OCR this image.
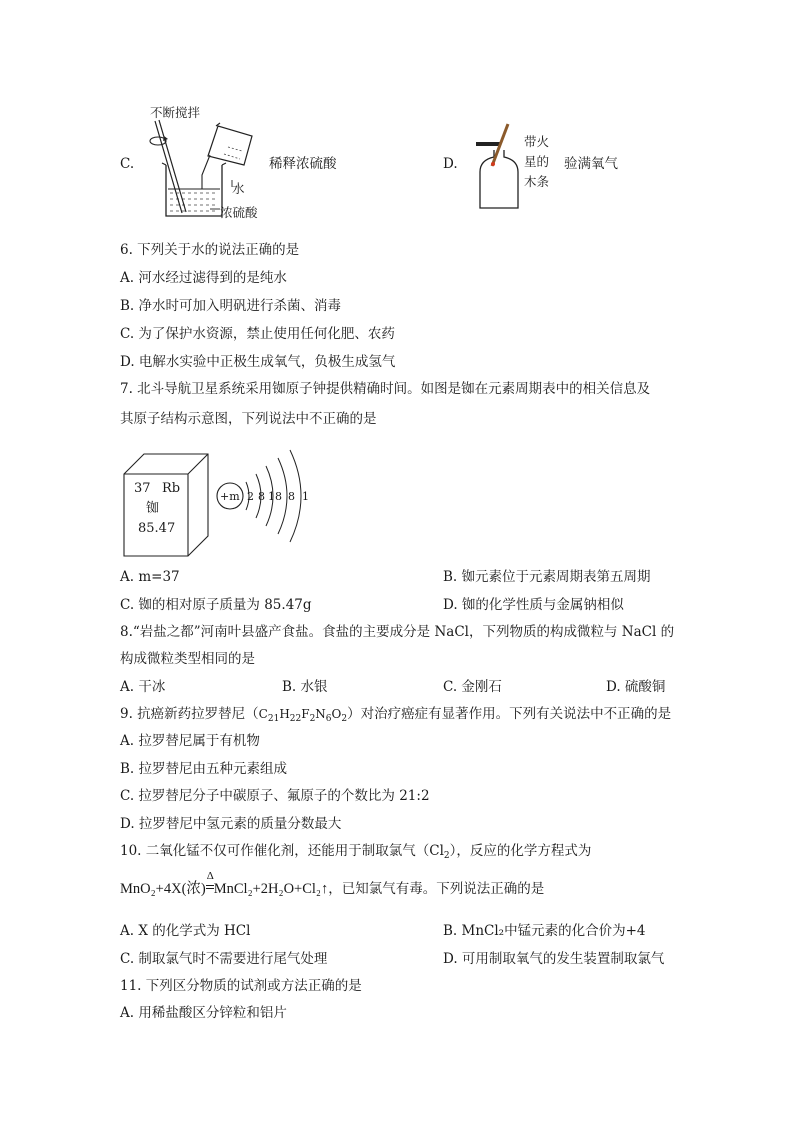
C.
不断搅拌
水
浓硫酸
稀释浓硫酸	D.
带火
星的
木条
验满氧气
6. 下列关于水的说法正确的是
A. 河水经过滤得到的是纯水
B. 净水时可加入明矾进行杀菌、消毒
C. 为了保护水资源，禁止使用任何化肥、农药
D. 电解水实验中正极生成氧气，负极生成氢气
7. 北斗导航卫星系统采用铷原子钟提供精确时间。如图是铷在元素周期表中的相关信息及
其原子结构示意图，下列说法中不正确的是
37 Rb
铷
85.47
+m 2 8 18 8 1
A. m=37	B. 铷元素位于元素周期表第五周期
C. 铷的相对原子质量为 85.47g	D. 铷的化学性质与金属钠相似
8.“岩盐之都”河南叶县盛产食盐。食盐的主要成分是 NaCl，下列物质的构成微粒与 NaCl 的
构成微粒类型相同的是
A. 干冰	B. 水银	C. 金刚石	D. 硫酸铜
9. 抗癌新药拉罗替尼$(C_{21}H_{22}F_2N_6O_2)$对治疗癌症有显著作用。下列有关说法中不正确的是
A. 拉罗替尼属于有机物
B. 拉罗替尼由五种元素组成
C. 拉罗替尼分子中碳原子、氟原子的个数比为 21:2
D. 拉罗替尼中氢元素的质量分数最大
10. 二氧化锰不仅可作催化剂，还能用于制取氯气$(Cl_2)$，反应的化学方程式为
MnO₂+4X(浓)
Δ
MnCl₂+2H₂O+Cl₂↑，已知氯气有毒。下列说法正确的是
A. X 的化学式为 HCl	B. MnCl₂中锰元素的化合价为+4
C. 制取氯气时不需要进行尾气处理	D. 可用制取氧气的发生装置制取氯气
11. 下列区分物质的试剂或方法正确的是
A. 用稀盐酸区分锌粒和铝片
